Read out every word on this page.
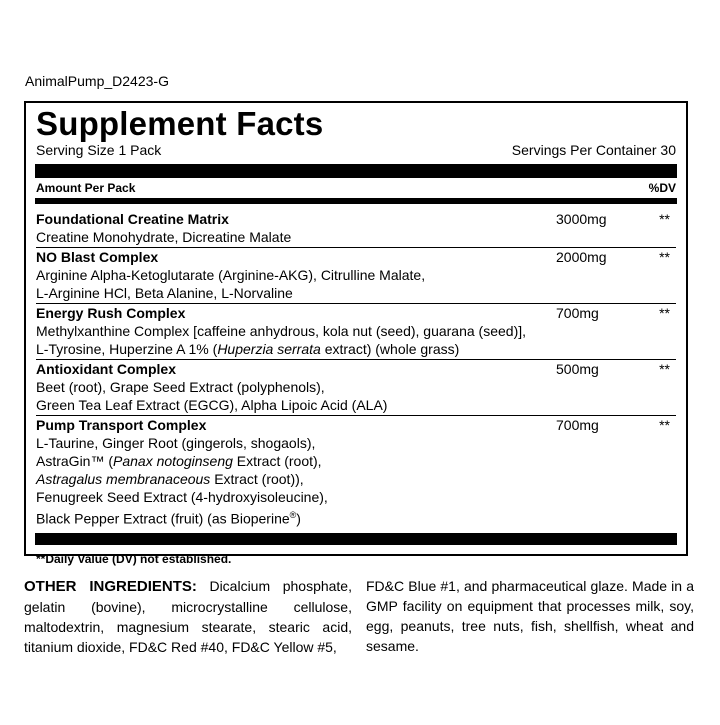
AnimalPump_D2423-G
Supplement Facts
Serving Size 1 Pack	Servings Per Container 30
Amount Per Pack	%DV
Foundational Creatine Matrix	3000mg	**
Creatine Monohydrate, Dicreatine Malate
NO Blast Complex	2000mg	**
Arginine Alpha-Ketoglutarate (Arginine-AKG), Citrulline Malate,
L-Arginine HCl, Beta Alanine, L-Norvaline
Energy Rush Complex	700mg	**
Methylxanthine Complex [caffeine anhydrous, kola nut (seed), guarana (seed)],
L-Tyrosine, Huperzine A 1% (Huperzia serrata extract) (whole grass)
Antioxidant Complex	500mg	**
Beet (root), Grape Seed Extract (polyphenols),
Green Tea Leaf Extract (EGCG), Alpha Lipoic Acid (ALA)
Pump Transport Complex	700mg	**
L-Taurine, Ginger Root (gingerols, shogaols),
AstraGin™ (Panax notoginseng Extract (root),
Astragalus membranaceous Extract (root)),
Fenugreek Seed Extract (4-hydroxyisoleucine),
Black Pepper Extract (fruit) (as Bioperine®)
**Daily Value (DV) not established.
OTHER INGREDIENTS: Dicalcium phosphate, gelatin (bovine), microcrystalline cellulose, maltodextrin, magnesium stearate, stearic acid, titanium dioxide, FD&C Red #40, FD&C Yellow #5,
FD&C Blue #1, and pharmaceutical glaze. Made in a GMP facility on equipment that processes milk, soy, egg, peanuts, tree nuts, fish, shellfish, wheat and sesame.
